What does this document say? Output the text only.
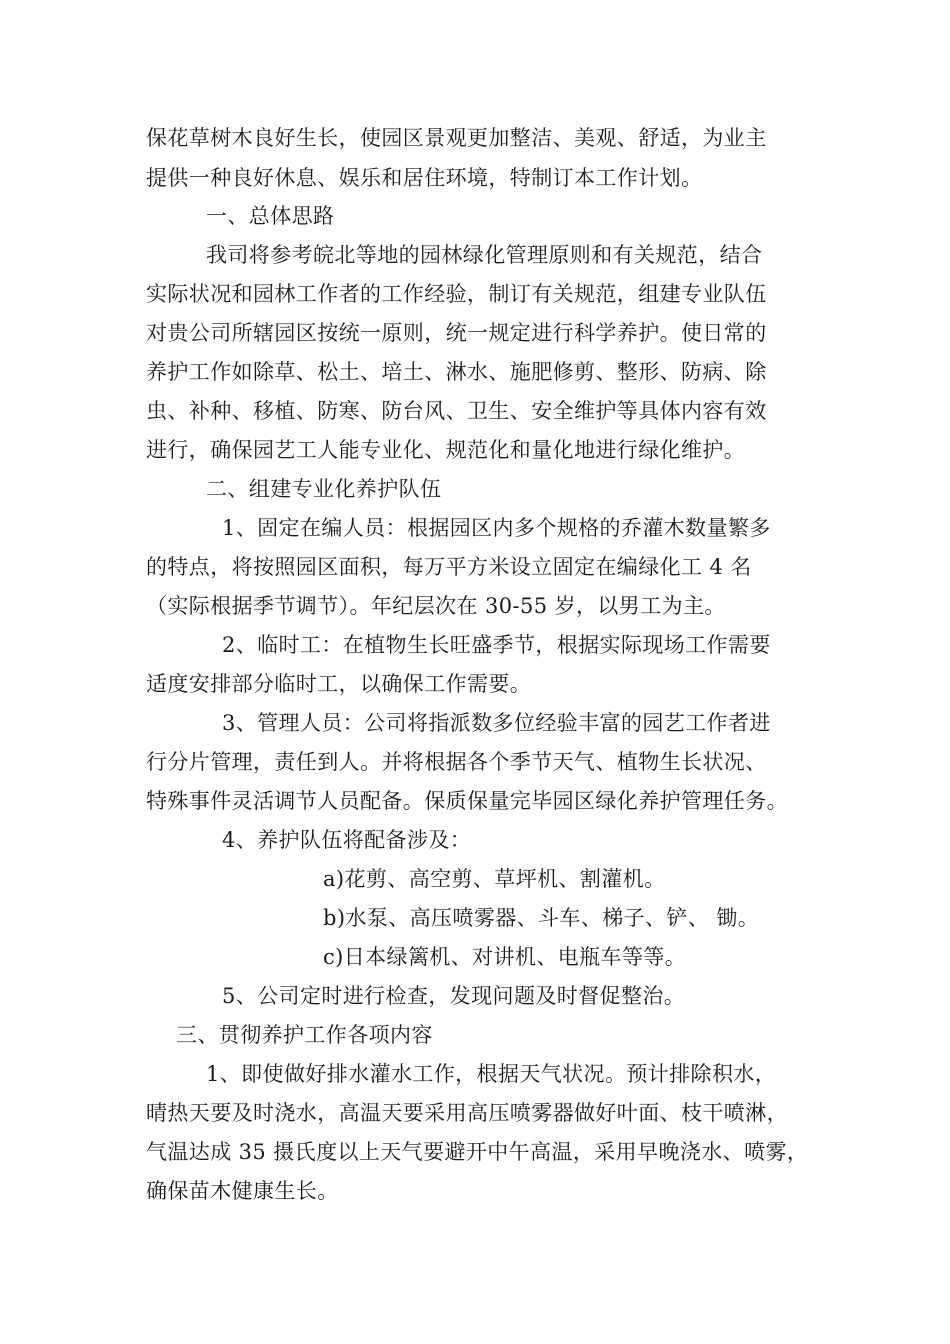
保花草树木良好生长，使园区景观更加整洁、美观、舒适，为业主
提供一种良好休息、娱乐和居住环境，特制订本工作计划。
一、总体思路
我司将参考皖北等地的园林绿化管理原则和有关规范，结合
实际状况和园林工作者的工作经验，制订有关规范，组建专业队伍
对贵公司所辖园区按统一原则，统一规定进行科学养护。使日常的
养护工作如除草、松土、培土、淋水、施肥修剪、整形、防病、除
虫、补种、移植、防寒、防台风、卫生、安全维护等具体内容有效
进行，确保园艺工人能专业化、规范化和量化地进行绿化维护。
二、组建专业化养护队伍
1、固定在编人员：根据园区内多个规格的乔灌木数量繁多
的特点，将按照园区面积，每万平方米设立固定在编绿化工 4 名
（实际根据季节调节）。年纪层次在 30-55 岁，以男工为主。
2、临时工：在植物生长旺盛季节，根据实际现场工作需要
适度安排部分临时工，以确保工作需要。
3、管理人员：公司将指派数多位经验丰富的园艺工作者进
行分片管理，责任到人。并将根据各个季节天气、植物生长状况、
特殊事件灵活调节人员配备。保质保量完毕园区绿化养护管理任务。
4、养护队伍将配备涉及：
a)花剪、高空剪、草坪机、割灌机。
b)水泵、高压喷雾器、斗车、梯子、铲、 锄。
c)日本绿篱机、对讲机、电瓶车等等。
5、公司定时进行检查，发现问题及时督促整治。
三、贯彻养护工作各项内容
1、即使做好排水灌水工作，根据天气状况。预计排除积水，
晴热天要及时浇水，高温天要采用高压喷雾器做好叶面、枝干喷淋，
气温达成 35 摄氏度以上天气要避开中午高温，采用早晚浇水、喷雾，
确保苗木健康生长。
